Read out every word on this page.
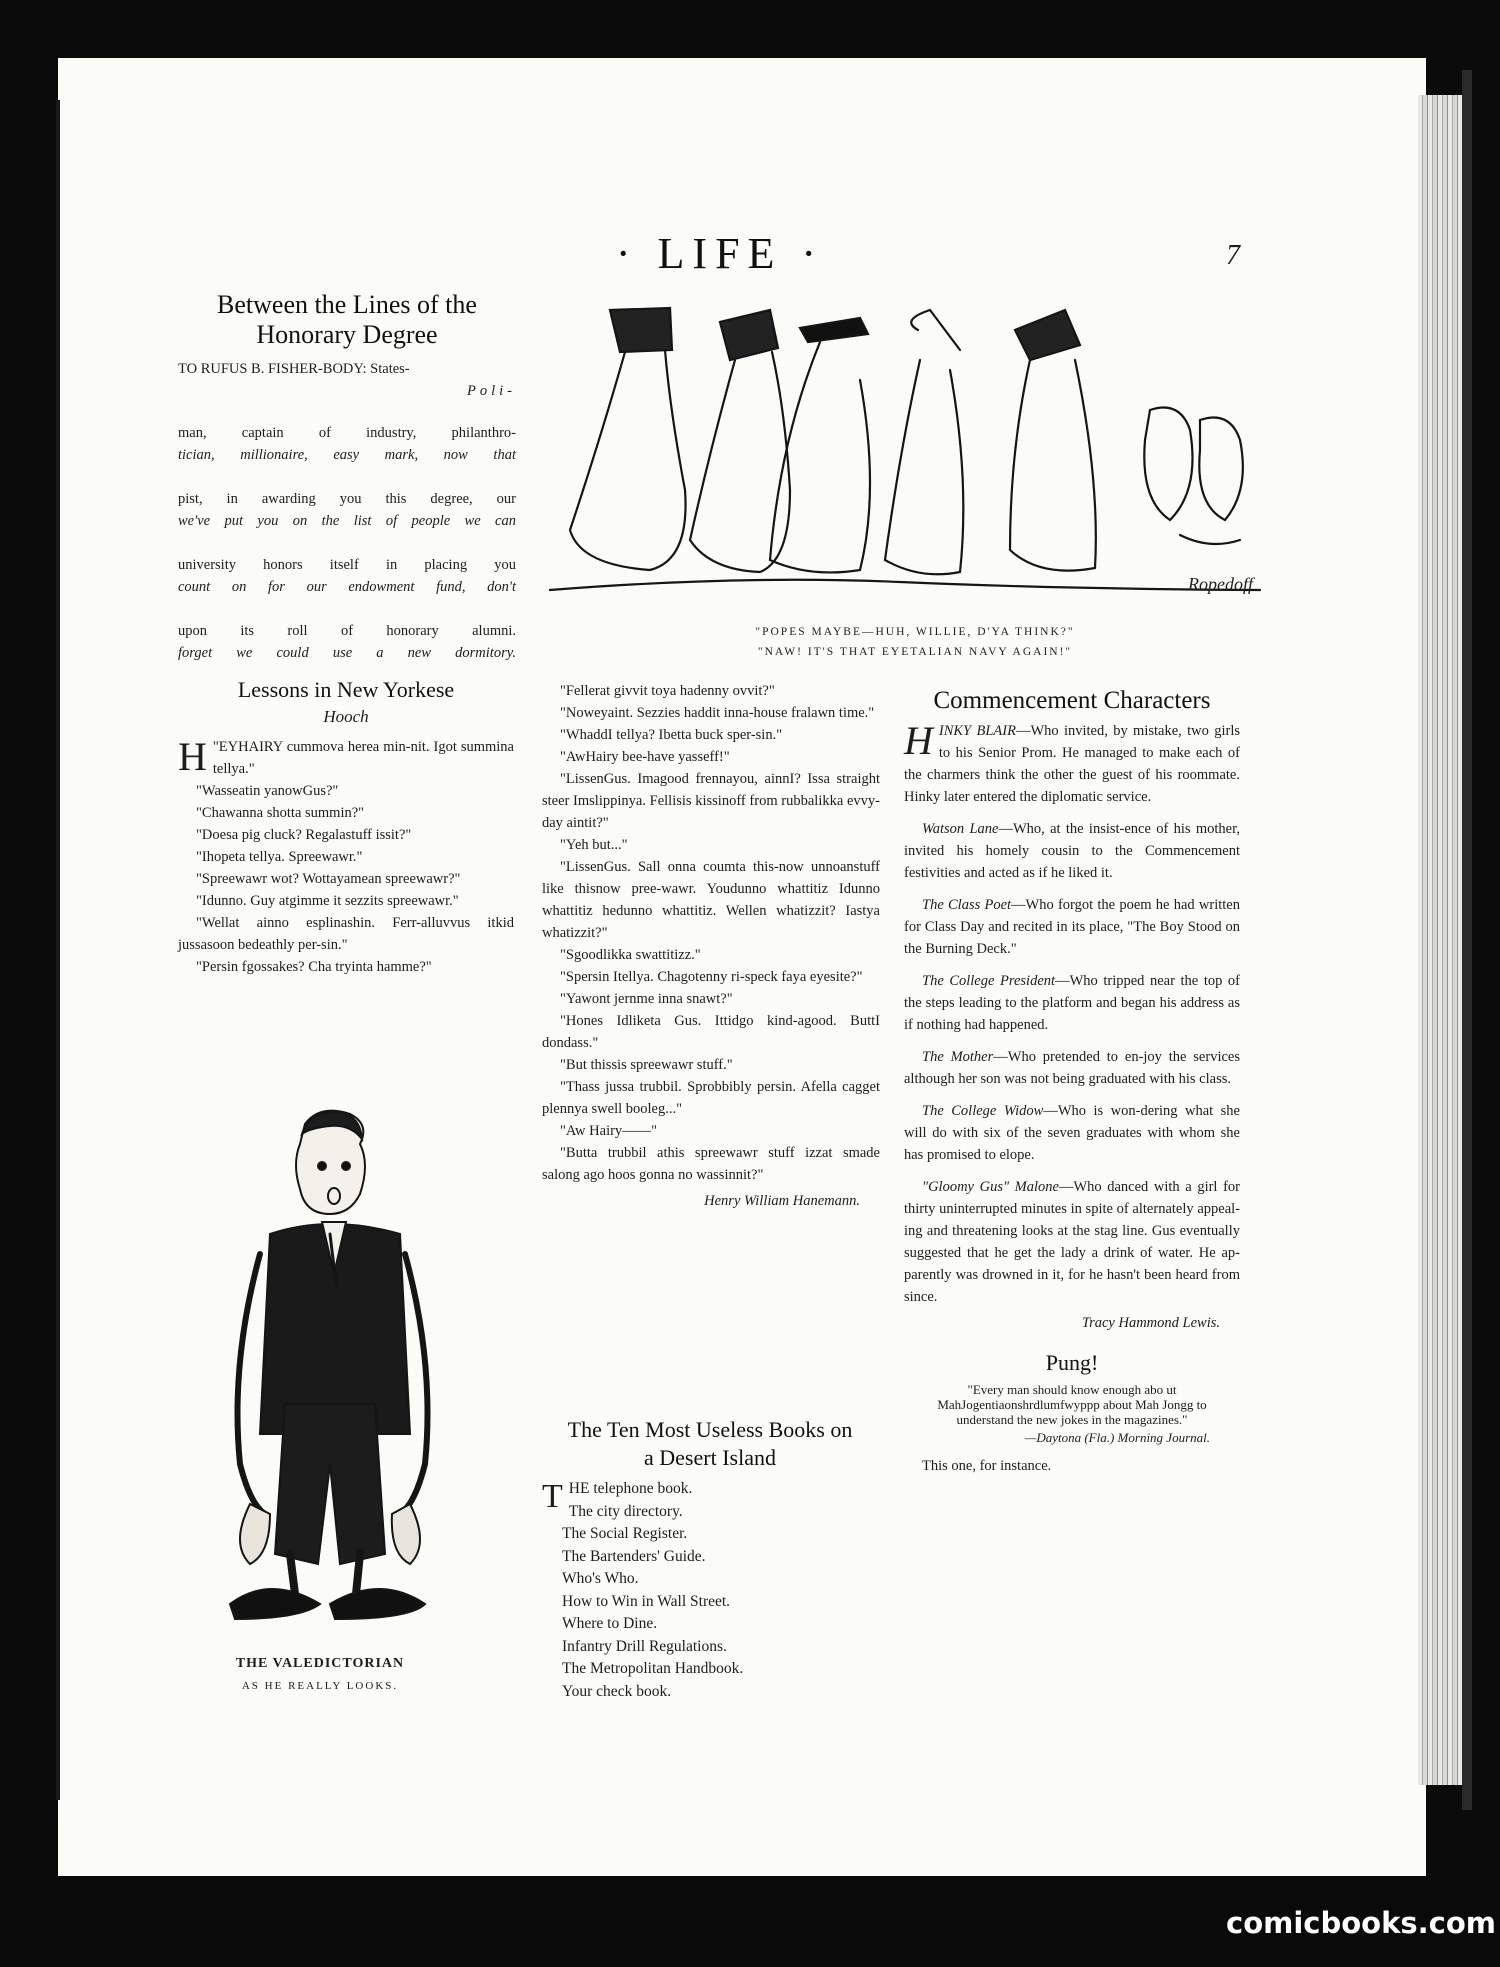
· LIFE ·	7
Between the Lines of the
Honorary Degree
TO RUFUS B. FISHER-BODY: States-
Poli-
man, captain of industry, philanthro-
tician, millionaire, easy mark, now that
pist, in awarding you this degree, our
we've put you on the list of people we can
university honors itself in placing you
count on for our endowment fund, don't
upon its roll of honorary alumni.
forget we could use a new dormitory.
Ropedoff
"POPES MAYBE—HUH, WILLIE, D'YA THINK?"
"NAW! IT'S THAT EYETALIAN NAVY AGAIN!"
Lessons in New Yorkese
Hooch

H "EYHAIRY cummova herea min-nit. Igot summina tellya."

"Wasseatin yanowGus?"

"Chawanna shotta summin?"

"Doesa pig cluck? Regalastuff issit?"

"Ihopeta tellya. Spreewawr."

"Spreewawr wot? Wottayamean spreewawr?"

"Idunno. Guy atgimme it sezzits spreewawr."

"Wellat ainno esplinashin. Ferr-alluvvus itkid jussasoon bedeathly per-sin."

"Persin fgossakes? Cha tryinta hamme?"

THE VALEDICTORIAN
AS HE REALLY LOOKS.

"Fellerat givvit toya hadenny ovvit?"

"Noweyaint. Sezzies haddit inna-house fralawn time."

"WhaddI tellya? Ibetta buck sper-sin."

"AwHairy bee-have yasseff!"

"LissenGus. Imagood frennayou, ainnI? Issa straight steer Imslippinya. Fellisis kissinoff from rubbalikka evvy-day aintit?"

"Yeh but..."

"LissenGus. Sall onna coumta this-now unnoanstuff like thisnow pree-wawr. Youdunno whattitiz Idunno whattitiz hedunno whattitiz. Wellen whatizzit? Iastya whatizzit?"

"Sgoodlikka swattitizz."

"Spersin Itellya. Chagotenny ri-speck faya eyesite?"

"Yawont jernme inna snawt?"

"Hones Idliketa Gus. Ittidgo kind-agood. ButtI dondass."

"But thissis spreewawr stuff."

"Thass jussa trubbil. Sprobbibly persin. Afella cagget plennya swell booleg..."

"Aw Hairy——"

"Butta trubbil athis spreewawr stuff izzat smade salong ago hoos gonna no wassinnit?"

Henry William Hanemann.
The Ten Most Useless Books on
a Desert Island
T HE telephone book.
The city directory.
The Social Register.
The Bartenders' Guide.
Who's Who.
How to Win in Wall Street.
Where to Dine.
Infantry Drill Regulations.
The Metropolitan Handbook.
Your check book.
Commencement Characters

HINKY BLAIR—Who invited, by mistake, two girls to his Senior Prom. He managed to make each of the charmers think the other the guest of his roommate. Hinky later entered the diplomatic service.

Watson Lane—Who, at the insist-ence of his mother, invited his homely cousin to the Commencement festivities and acted as if he liked it.

The Class Poet—Who forgot the poem he had written for Class Day and recited in its place, "The Boy Stood on the Burning Deck."

The College President—Who tripped near the top of the steps leading to the platform and began his address as if nothing had happened.

The Mother—Who pretended to en-joy the services although her son was not being graduated with his class.

The College Widow—Who is won-dering what she will do with six of the seven graduates with whom she has promised to elope.

"Gloomy Gus" Malone—Who danced with a girl for thirty uninterrupted minutes in spite of alternately appeal-ing and threatening looks at the stag line. Gus eventually suggested that he get the lady a drink of water. He ap-parently was drowned in it, for he hasn't been heard from since.

Tracy Hammond Lewis.
Pung!
"Every man should know enough abo ut MahJogentiaonshrdlumfwyppp about Mah Jongg to understand the new jokes in the magazines."
—Daytona (Fla.) Morning Journal.
This one, for instance.
comicbooks.com
